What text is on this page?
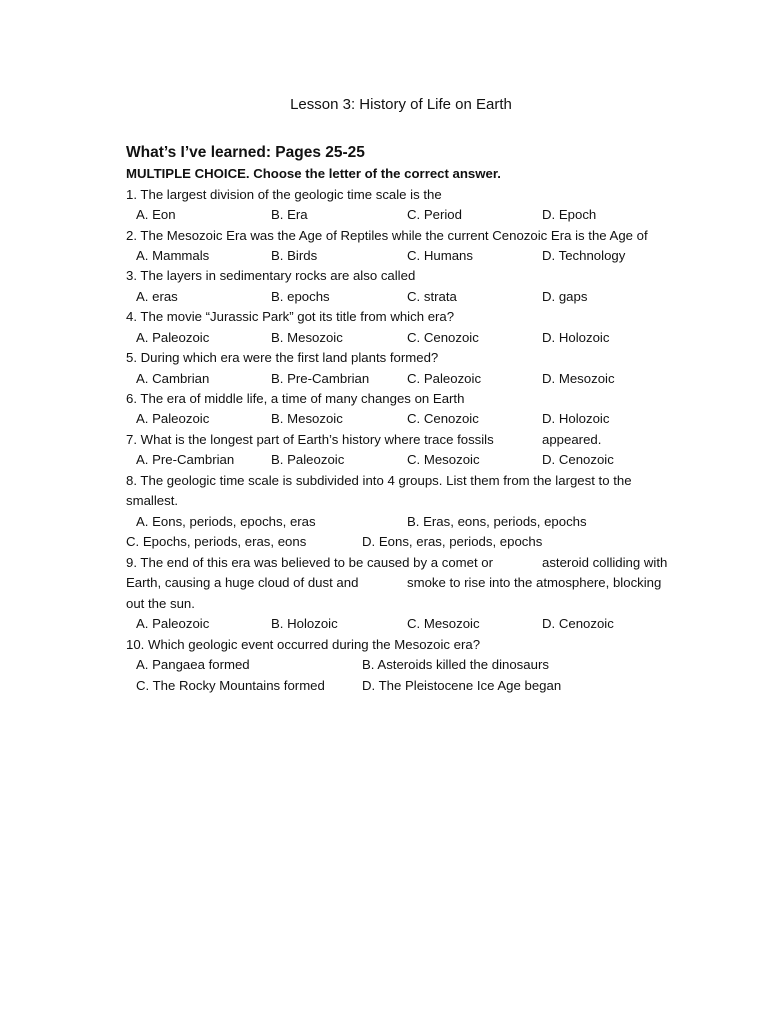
Lesson 3: History of Life on Earth
What’s I’ve learned: Pages 25-25
MULTIPLE CHOICE. Choose the letter of the correct answer.
1. The largest division of the geologic time scale is the
A. Eon	B. Era	C. Period	D. Epoch
2. The Mesozoic Era was the Age of Reptiles while the current Cenozoic Era is the Age of
A. Mammals	B. Birds	C. Humans	D. Technology
3. The layers in sedimentary rocks are also called
A. eras	B. epochs	C. strata	D. gaps
4. The movie “Jurassic Park” got its title from which era?
A. Paleozoic	B. Mesozoic	C. Cenozoic	D. Holozoic
5. During which era were the first land plants formed?
A. Cambrian	B. Pre-Cambrian	C. Paleozoic	D. Mesozoic
6. The era of middle life, a time of many changes on Earth
A. Paleozoic	B. Mesozoic	C. Cenozoic	D. Holozoic
7. What is the longest part of Earth’s history where trace fossils	appeared.
A. Pre-Cambrian	B. Paleozoic	C. Mesozoic	D. Cenozoic
8. The geologic time scale is subdivided into 4 groups. List them from the largest to the
smallest.
A. Eons, periods, epochs, eras	B. Eras, eons, periods, epochs
C. Epochs, periods, eras, eons	D. Eons, eras, periods, epochs
9. The end of this era was believed to be caused by a comet or	asteroid colliding with
Earth, causing a huge cloud of dust and	smoke to rise into the atmosphere, blocking
out the sun.
A. Paleozoic	B. Holozoic	C. Mesozoic	D. Cenozoic
10. Which geologic event occurred during the Mesozoic era?
A. Pangaea formed	B. Asteroids killed the dinosaurs
C. The Rocky Mountains formed	D. The Pleistocene Ice Age began
